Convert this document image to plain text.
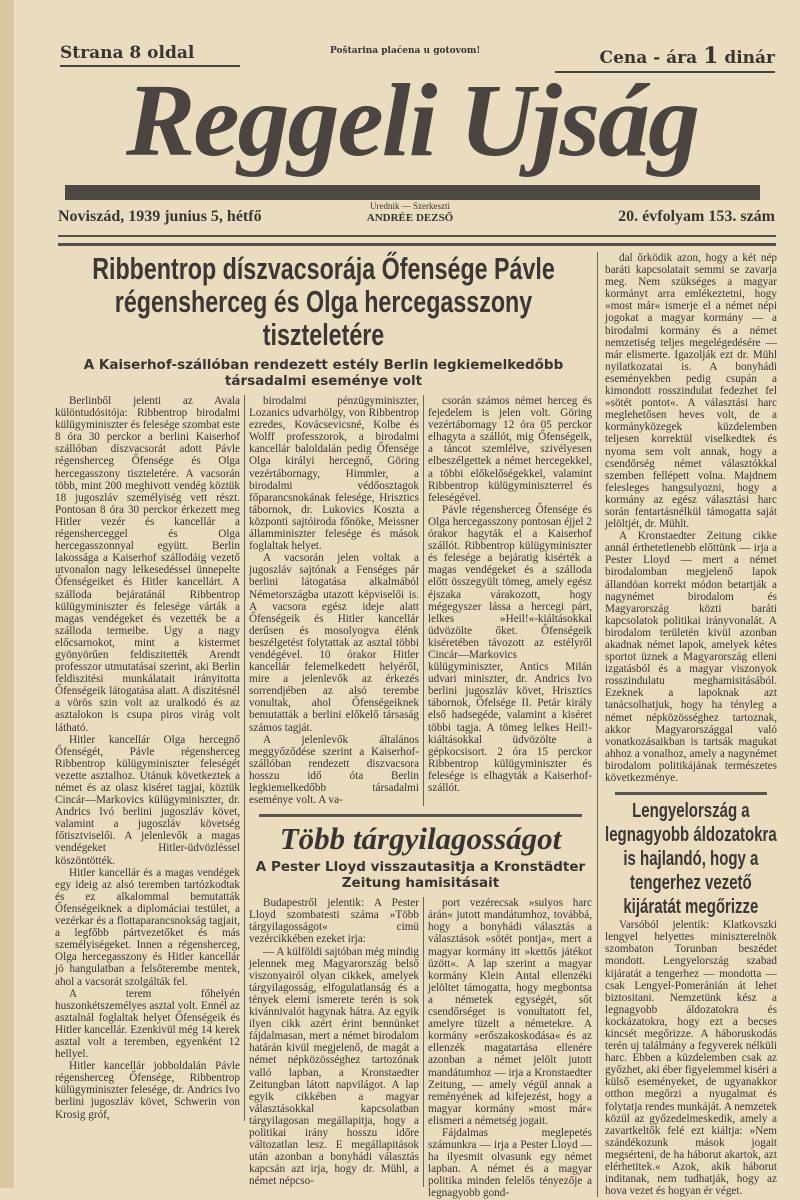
Strana 8 oldal	Poštarina plaćena u gotovom!	Cena - ára 1 dinár
Reggeli Ujság
Noviszád, 1939 junius 5, hétfő
Urednik — Szerkeszti
ANDRÉE DEZSŐ	20. évfolyam 153. szám
Ribbentrop díszvacsorája Őfensége Pávle régensherceg és Olga hercegasszony tiszteletére
A Kaiserhof-szállóban rendezett estély Berlin legkiemelkedőbb társadalmi eseménye volt

Berlinből jelenti az Avala különtudósitója: Ribbentrop birodalmi külügyminiszter és felesége szombat este 8 óra 30 perckor a berlini Kaiserhof szállóban díszvacsorát adott Pávle régensherceg Őfensége és Olga hercegasszony tiszteletére. A vacsorán több, mint 200 meghivott vendég köztük 18 jugoszláv személyiség vett részt. Pontosan 8 óra 30 perckor érkezett meg Hitler vezér és kancellár a régensherceggel és Olga hercegasszonnyal együtt. Berlin lakossága a Kaiserhof szállodáig vezető utvonalon nagy lelkesedéssel ünnepelte Őfenségeiket és Hitler kancellárt. A szálloda bejáratánál Ribbentrop külügyminiszter és felesége várták a magas vendégeket és vezették be a szálloda termeibe. Ugy a nagy előcsarnokot, mint a kistermet gyönyörűen feldiszitették Arendt professzor utmutatásai szerint, aki Berlin feldiszitési munkálatait irányitotta Őfenségeik látogatása alatt. A diszitésnél a vörös szin volt az uralkodó és az asztalokon is csupa piros virág volt látható.

Hitler kancellár Olga hercegnő Őfenségét, Pávle régensherceg Ribbentrop külügyminiszter feleségét vezette asztalhoz. Utánuk következtek a német és az olasz kiséret tagjai, köztük Cincár—Markovics külügyminiszter, dr. Andrics Ivó berlini jugoszláv követ, valamint a jugoszláv követség főtisztviselői. A jelenlevők a magas vendégeket Hitler-üdvözléssel köszöntötték.

Hitler kancellár és a magas vendégek egy ideig az alsó teremben tartózkodtak és ez alkalommal bemutatták Őfenségeiknek a diplomáciai testület, a vezérkar és a flottaparancsnokság tagjait, a legfőbb pártvezetőket és más személyiségeket. Innen a régensherceg, Olga hercegasszony és Hitler kancellár jó hangulatban a felsőterembe mentek, ahol a vacsorát szolgálták fel.

A terem főhelyén huszonkétszemélyes asztal volt. Ennél az asztalnál foglaltak helyet Őfenségeik és Hitler kancellár. Ezenkivül még 14 kerek asztal volt a teremben, egyenként 12 hellyel.

Hitler kancellár jobboldalán Pávle régensherceg Őfensége, Ribbentrop külügyminiszter felesége, dr. Andrics Ivo berlini jugoszláv követ, Schwerin von Krosig gróf,

birodalmi pénzügyminiszter, Lozanics udvarhölgy, von Ribbentrop ezredes, Kovácsevicsné, Kolbe és Wolff professzorok, a birodalmi kancellár baloldalán pedig Őfensége Olga királyi hercegnő, Göring vezértábornagy, Himmler, a birodalmi védőosztagok főparancsnokának felesége, Hrisztics tábornok, dr. Lukovics Koszta a központi sajtóiroda főnöke, Meissner államminiszter felesége és mások foglaltak helyet.

A vacsorán jelen voltak a jugoszláv sajtónak a Fenséges pár berlini látogatása alkalmából Németországba utazott képviselői is. A vacsora egész ideje alatt Őfenségeik és Hitler kancellár derűsen és mosolyogva élénk beszélgetést folytattak az asztal többi vendégével. 10 órakor Hitler kancellár felemelkedett helyéről, mire a jelenlevők az érkezés sorrendjében az alsó terembe vonultak, ahol Őfenségeiknek bemutatták a berlini előkelő társaság számos tagját.

A jelenlevők általános meggyőződése szerint a Kaiserhof-szállóban rendezett diszvacsora hosszu idő óta Berlin legkiemelkedőbb társadalmi eseménye volt. A va-

csorán számos német herceg és fejedelem is jelen volt. Göring vezértábornagy 12 óra 05 perckor elhagyta a szállót, mig Őfenségeik, a táncot szemlélve, szivélyesen elbeszélgettek a német hercegekkel, a többi előkelőségekkel, valamint Ribbentrop külügyminiszterrel és feleségével.

Pávle régensherceg Őfensége és Olga hercegasszony pontosan éjjel 2 órakor hagyták el a Kaiserhof szállót. Ribbentrop külügyminiszter és felesége a bejáratig kisérték a magas vendégeket és a szálloda előtt összegyült tömeg, amely egész éjszaka várakozott, hogy mégegyszer lássa a hercegi párt, lelkes »Heil!«-kiáltásokkal üdvözölte őket. Őfenségeik kiséretében távozott az estélyről Cincár—Markovics külügyminiszter, Antics Milán udvari miniszter, dr. Andrics Ivo berlini jugoszláv követ, Hrisztics tábornok, Őfelsége II. Petár király első hadsegéde, valamint a kiséret többi tagja. A tömeg lelkes Heil!-kiáltásokkal üdvözölte a gépkocsisort. 2 óra 15 perckor Ribbentrop külügyminiszter és felesége is elhagyták a Kaiserhof-szállót.

Több tárgyilagosságot
A Pester Lloyd visszautasitja a Kronstädter Zeitung hamisitásait

Budapestről jelentik: A Pester Lloyd szombatesti száma »Több tárgyilagosságot« cimü vezércikkében ezeket irja:

— A külföldi sajtóban még mindig jelennek meg Magyarország belső viszonyairól olyan cikkek, amelyek tárgyilagosság, elfogulatlanság és a tények elemi ismerete terén is sok kivánnivalót hagynak hátra. Az egyik ilyen cikk azért érint bennünket fájdalmasan, mert a német birodalom határán kivül megjelenő, de magát a német népközösséghez tartozónak valló lapban, a Kronstaedter Zeitungban látott napvilágot. A lap egyik cikkében a magyar választásokkal kapcsolatban tárgyilagosan megállapitja, hogy a politikai irány hosszu időre változatlan lesz. E megállapitások után azonban a bonyhádi választás kapcsán azt irja, hogy dr. Mühl, a német népcso-

port vezérecsak »sulyos harc árán« jutott mandátumhoz, továbbá, hogy a bonyhádi választás a választások »sötét pontja«, mert a magyar kormány itt »kettős játékot üzött«. A lap szerint a magyar kormány Klein Antal ellenzéki jelöltet támogatta, hogy megbontsa a németek egységét, sőt csendőrséget is vonultatott fel, amelyre tüzelt a németekre. A kormány »erőszakoskodása« és az ellenzék magatartása ellenére azonban a német jelölt jutott mandátumhoz — irja a Kronstaedter Zeitung, — amely végül annak a reményének ad kifejezést, hogy a magyar kormány »most már« elismeri a németség jogait.

Fájdalmas meglepetés számunkra — irja a Pester Lloyd — ha ilyesmit olvasunk egy német lapban. A német és a magyar politika minden felelős tényezője a legnagyobb gond-

dal őrködik azon, hogy a két nép baráti kapcsolatait semmi se zavarja meg. Nem szükséges a magyar kormányt arra emlékeztetni, hogy »most már« ismerje el a német népi jogokat a magyar kormány — a birodalmi kormány és a német nemzetiség teljes megelégedésére — már elismerte. Igazolják ezt dr. Mühl nyilatkozatai is. A bonyhádi eseményekben pedig csupán a kimondott rosszindulat fedezhet fel »sötét pontot«. A választási harc meglehetősen heves volt, de a kormányközegek küzdelemben teljesen korrektül viselkedtek és nyoma sem volt annak, hogy a csendőrség német választókkal szemben fellépett volna. Majdnem felesleges hangsulyozni, hogy a kormány az egész választási harc során fentartásnélkül támogatta saját jelöltjét, dr. Mühlt.

A Kronstaedter Zeitung cikke annál érthetetlenebb előttünk — irja a Pester Lloyd — mert a német birodalomban megjelenő lapok állandóan korrekt módon betartják a nagynémet birodalom és Magyarország közti baráti kapcsolatok politikai irányvonalát. A birodalom területén kivül azonban akadnak német lapok, amelyek kétes sportot üznek a Magyarország elleni izgatásból és a magyar viszonyok rosszindulatu meghamisitásából. Ezeknek a lapoknak azt tanácsolhatjuk, hogy ha tényleg a német népközösséghez tartoznak, akkor Magyarországgal való vonatkozásaikban is tartsák magukat ahhoz a vonalhoz, amely a nagynémet birodalom politikájának természetes következménye.

Lengyelország a legnagyobb áldozatokra is hajlandó, hogy a tengerhez vezető kijáratát megőrizze

Varsóból jelentik: Klatkovszki lengyel helyettes miniszterelnök szombaton Torunban beszédet mondott. Lengyelország szabad kijáratát a tengerhez — mondotta — csak Lengyel-Pomeránián át lehet biztositani. Nemzetünk kész a legnagyobb áldozatokra és kockázatokra, hogy ezt a becses kincsét megőrizze. A háboruskodás terén uj találmány a fegyverek nélküli harc. Ebben a küzdelemben csak az győzhet, aki éber figyelemmel kiséri a külső eseményeket, de ugyanakkor otthon megőrzi a nyugalmat és folytatja rendes munkáját. A nemzetek közül az győzedelmeskedik, amely a zavartkeltők felé ezt kiáltja: »Nem szándékozunk mások jogait megsérteni, de ha háborut akartok, azt elérhetitek.« Azok, akik háborut inditanak, nem tudhatják, hogy az hova vezet és hogyan ér véget.
